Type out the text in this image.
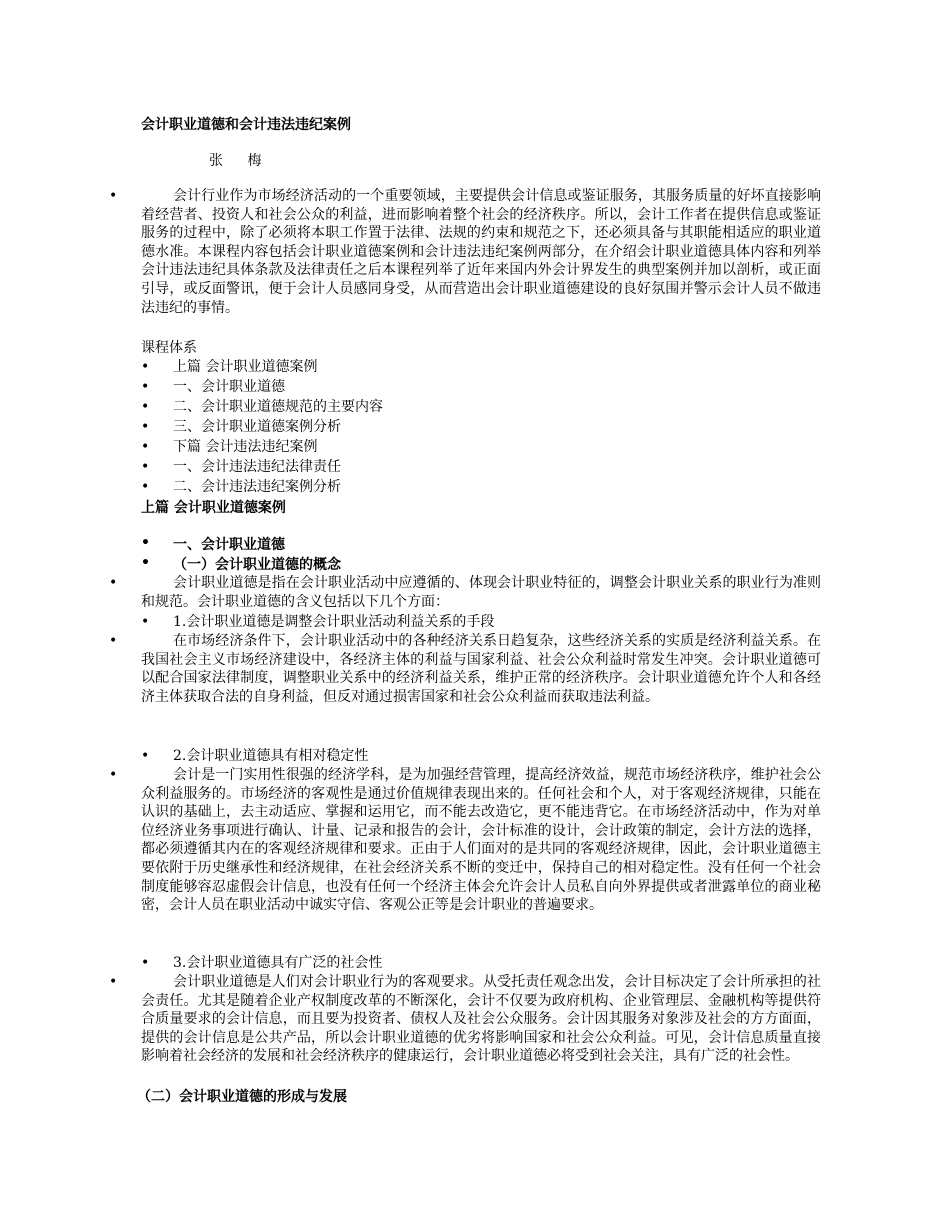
会计职业道德和会计违法违纪案例
张 梅
•	会计行业作为市场经济活动的一个重要领域，主要提供会计信息或鉴证服务，其服务质量的好坏直接影响着经营者、投资人和社会公众的利益，进而影响着整个社会的经济秩序。所以，会计工作者在提供信息或鉴证服务的过程中，除了必须将本职工作置于法律、法规的约束和规范之下，还必须具备与其职能相适应的职业道德水准。本课程内容包括会计职业道德案例和会计违法违纪案例两部分，在介绍会计职业道德具体内容和列举会计违法违纪具体条款及法律责任之后本课程列举了近年来国内外会计界发生的典型案例并加以剖析，或正面引导，或反面警讯，便于会计人员感同身受，从而营造出会计职业道德建设的良好氛围并警示会计人员不做违法违纪的事情。
课程体系
• 上篇 会计职业道德案例
• 一、会计职业道德
• 二、会计职业道德规范的主要内容
• 三、会计职业道德案例分析
• 下篇 会计违法违纪案例
• 一、会计违法违纪法律责任
• 二、会计违法违纪案例分析
上篇 会计职业道德案例
• 一、会计职业道德
• （一）会计职业道德的概念
•	会计职业道德是指在会计职业活动中应遵循的、体现会计职业特征的，调整会计职业关系的职业行为准则和规范。会计职业道德的含义包括以下几个方面：
• 1.会计职业道德是调整会计职业活动利益关系的手段
•	在市场经济条件下，会计职业活动中的各种经济关系日趋复杂，这些经济关系的实质是经济利益关系。在我国社会主义市场经济建设中，各经济主体的利益与国家利益、社会公众利益时常发生冲突。会计职业道德可以配合国家法律制度，调整职业关系中的经济利益关系，维护正常的经济秩序。会计职业道德允许个人和各经济主体获取合法的自身利益，但反对通过损害国家和社会公众利益而获取违法利益。
• 2.会计职业道德具有相对稳定性
•	会计是一门实用性很强的经济学科，是为加强经营管理，提高经济效益，规范市场经济秩序，维护社会公众利益服务的。市场经济的客观性是通过价值规律表现出来的。任何社会和个人，对于客观经济规律，只能在认识的基础上，去主动适应、掌握和运用它，而不能去改造它，更不能违背它。在市场经济活动中，作为对单位经济业务事项进行确认、计量、记录和报告的会计，会计标准的设计，会计政策的制定，会计方法的选择，都必须遵循其内在的客观经济规律和要求。正由于人们面对的是共同的客观经济规律，因此，会计职业道德主要依附于历史继承性和经济规律，在社会经济关系不断的变迁中，保持自己的相对稳定性。没有任何一个社会制度能够容忍虚假会计信息，也没有任何一个经济主体会允许会计人员私自向外界提供或者泄露单位的商业秘密，会计人员在职业活动中诚实守信、客观公正等是会计职业的普遍要求。
• 3.会计职业道德具有广泛的社会性
•	会计职业道德是人们对会计职业行为的客观要求。从受托责任观念出发，会计目标决定了会计所承担的社会责任。尤其是随着企业产权制度改革的不断深化，会计不仅要为政府机构、企业管理层、金融机构等提供符合质量要求的会计信息，而且要为投资者、债权人及社会公众服务。会计因其服务对象涉及社会的方方面面，提供的会计信息是公共产品，所以会计职业道德的优劣将影响国家和社会公众利益。可见，会计信息质量直接影响着社会经济的发展和社会经济秩序的健康运行，会计职业道德必将受到社会关注，具有广泛的社会性。
（二）会计职业道德的形成与发展
